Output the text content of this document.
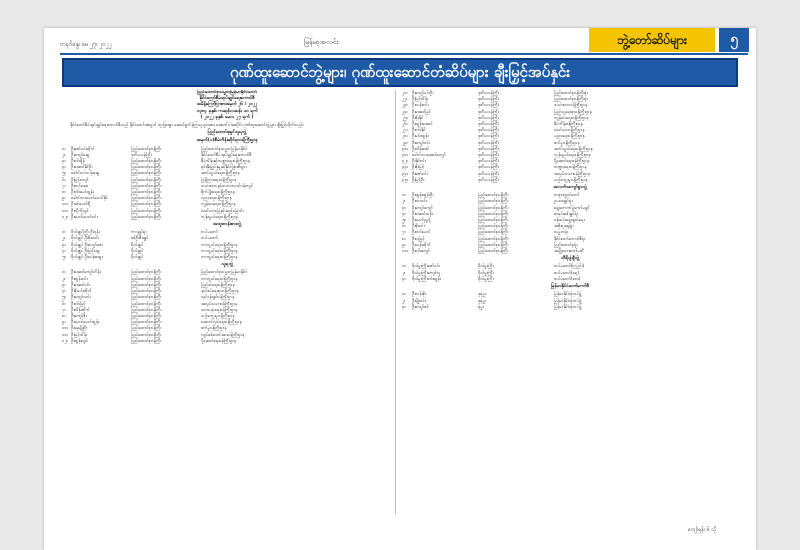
တနင်္ဂနွေ၊ မေ ၂၇၊ ၂၀၂၂	မြန်မာ့အလင်း	ဘွဲ့တော်ဆိပ်များ	၅
ဂုဏ်ထူးဆောင်ဘွဲ့များ၊ ဂုဏ်ထူးဆောင်တံဆိပ်များ ချီးမြှင့်အပ်နှင်း
ပြည်ထောင်စုသမ္မတမြန်မာနိုင်ငံတော်
နိုင်ငံတော်စီမံအုပ်ချုပ်ရေးကောင်စီ
အမိန့်ကြော်ငြာစာအမှတ် ၂၆ / ၂၀၂၂
၁၃၈၄ ခုနှစ်၊ ကဆုန်လဆန်း ၁၀ ရက်
( ၂၀၂၂ ခုနှစ်၊ မေလ ၂၇ ရက် )
နိုင်ငံတော်စီမံအုပ်ချုပ်ရေးကောင်စီသည် နိုင်ငံတော်အတွက် ထူးခြားစွာ ဆောင်ရွက်ခဲ့ကြသူများအား အောက်ပါအတိုင်း ဂုဏ်ထူးဆောင်ဘွဲ့များ ချီးမြှင့်လိုက်သည်။
ပြည်ထောင်စုရှင်သူရဘွဲ့
အမှတ်(၁)စီမံကိန်းဆိုင်ရာဝန်ကြီးဌာန
၁။	ဦးဇော်မင်းထိုက်	ပြည်ထောင်စုဝန်ကြီး	ပြည်ထောင်စုသမ္မတမြန်မာနိုင်ငံ
၂။	ဦးကျော်ဆွေ	ဒုတိယဝန်ကြီး	နိုင်ငံတော်စီမံအုပ်ချုပ်ရေးကောင်စီ
၃။	ဦးဝင်းရှိန်	ပြည်ထောင်စုဝန်ကြီး	စီမံကိန်းနှင့်ဘဏ္ဍာရေးဝန်ကြီးဌာန
၄။	ဦးအောင်နိုင်ဦး	ပြည်ထောင်စုဝန်ကြီး	ရင်းနှီးမြှုပ်နှံမှုနှင့်နိုင်ငံခြားစီးပွား
၅။	ဒေါက်တာသန်းဆွေ	ပြည်ထောင်စုဝန်ကြီး	ဆက်သွယ်ရေးဝန်ကြီးဌာန
၆။	ဦးမြင့်ကျော်	ပြည်ထောင်စုဝန်ကြီး	ပြန်ကြားရေးဝန်ကြီးဌာန
၇။	ဦးတင်အေး	ပြည်ထောင်စုဝန်ကြီး	သယံဇာတနှင့်သဘာဝပတ်ဝန်းကျင်
၈။	ဦးဝင်းမော်ထွန်း	ပြည်ထောင်စုဝန်ကြီး	စိုက်ပျိုးရေးဝန်ကြီးဌာန
၉။	ဒေါက်တာမောင်မောင်နိုင်	ပြည်ထောင်စုဝန်ကြီး	ပညာရေးဝန်ကြီးဌာန
၁၀။ ဦးခင်မောင်ရီ	ပြည်ထောင်စုဝန်ကြီး	ကျန်းမာရေးဝန်ကြီးဌာန
၁၁။ ဦးကိုကိုလွင်	ပြည်ထောင်စုဝန်ကြီး	လယ်ယာမြေနှင့်ဆည်မြောင်း
၁၂။ ဦးမောင်မောင်ဝင်း	ပြည်ထောင်စုဝန်ကြီး	ကုန်သွယ်ရေးဝန်ကြီးဌာန
အထူးတန်းစားဘွဲ့
၁။	ဗိုလ်ချုပ်ကြီး ဦးဖုန်း	ကာချုပ်ရုံး	တပ်မတော်
၂။	ဗိုလ်ချုပ် ဦးစိုးလင်း	စစ်ဦးစီးချုပ်	တပ်မတော်
၃။	ဗိုလ်ချုပ် ဦးကျော်ဇော	ဗိုလ်ချုပ်	ကာကွယ်ရေးဝန်ကြီးဌာန
၄။	ဗိုလ်ချုပ် ဦးမြင့်ဆွေ	ဗိုလ်ချုပ်	ကာကွယ်ရေးဝန်ကြီးဌာန
၅။	ဗိုလ်ချုပ် ဦးသန်းထွေး	ဗိုလ်ချုပ်	ကာကွယ်ရေးဝန်ကြီးဌာန
သူရဘွဲ့
၁။	ဦးအောင်ကျော်ဟိန်း	ပြည်ထောင်စုဝန်ကြီး	ပြည်ထောင်စုသမ္မတမြန်မာနိုင်ငံ
၂။	ဦးထွန်းဝင်း	ပြည်ထောင်စုဝန်ကြီး	ကာကွယ်ရေးဝန်ကြီးဌာန
၃။	ဦးအောင်ဝင်း	ပြည်ထောင်စုဝန်ကြီး	ပြည်ထဲရေးဝန်ကြီးဌာန
၄။	ဦးစိုးမင်းထိုက်	ပြည်ထောင်စုဝန်ကြီး	နယ်စပ်ရေးရာဝန်ကြီးဌာန
၅။	ဦးကျော်လင်း	ပြည်ထောင်စုဝန်ကြီး	လုပ်ငန်းခွင်ဝန်ကြီးဌာန
၆။	ဦးဝင်းမြင့်	ပြည်ထောင်စုဝန်ကြီး	အလုပ်သမားဝန်ကြီးဌာန
၇။	ဦးသိန်းထိုက်	ပြည်ထောင်စုဝန်ကြီး	သာသနာရေးဝန်ကြီးဌာန
၈။	ဦးကျော်စိုး	ပြည်ထောင်စုဝန်ကြီး	ယဉ်ကျေးမှုဝန်ကြီးဌာန
၉။	ဦးမောင်မောင်ထွန်း	ပြည်ထောင်စုဝန်ကြီး	ဆောက်လုပ်ရေးဝန်ကြီးဌာန
၁၀။ ဦးနေမျိုးဦး	ပြည်ထောင်စုဝန်ကြီး	စက်မှုဝန်ကြီးဌာန
၁၁။ ဦးမြင့်သိန်း	ပြည်ထောင်စုဝန်ကြီး	လျှပ်စစ်ဓာတ်အားဝန်ကြီးဌာန
၁၂။ ဦးထွန်းလွင်	ပြည်ထောင်စုဝန်ကြီး	ပို့ဆောင်ရေးဝန်ကြီးဌာန
၂၁။	ဦးကျော်မင်းဦး	ဒုတိယဝန်ကြီး	ပြည်ထောင်စုဝန်ကြီးရုံး
၂၂။	ဦးမြင့်သိန်း	ဒုတိယဝန်ကြီး	ပြည်ထောင်စုဝန်ကြီးရုံး
၂၃။	ဦးသန်းဝင်း	ဒုတိယဝန်ကြီး	သယံဇာတဝန်ကြီးဌာန
၂၄။	ဦးအောင်မြင့်	ဒုတိယဝန်ကြီး	ပြည်သူ့ရေးရာဝန်ကြီးဌာန
၂၅။	ဦးစိုးနိုင်	ဒုတိယဝန်ကြီး	ကျန်းမာရေးဝန်ကြီးဌာန
၂၆။	ဦးထွန်းအောင်	ဒုတိယဝန်ကြီး	စီမံကိန်းဝန်ကြီးဌာန
၂၇။	ဦးဝင်းနိုင်	ဒုတိယဝန်ကြီး	လယ်ယာဝန်ကြီးဌာန
၂၈။	ဦးမင်းထွန်း	ဒုတိယဝန်ကြီး	ပညာရေးဝန်ကြီးဌာန
၂၉။	ဦးကျော်ဝင်း	ဒုတိယဝန်ကြီး	စက်မှုဝန်ကြီးဌာန
၃၀။ ဦးသိန်းဇော်	ဒုတိယဝန်ကြီး	ဆက်သွယ်ရေးဝန်ကြီးဌာန
၃၁။ ဒေါက်တာအောင်ကျော်	ဒုတိယဝန်ကြီး	ကုန်သွယ်ရေးဝန်ကြီးဌာန
၃၂။	ဦးနိုင်ဝင်း	ဒုတိယဝန်ကြီး	ပို့ဆောင်ရေးဝန်ကြီးဌာန
၃၃။ ဦးစိုးမြင့်	ဒုတိယဝန်ကြီး	ဘဏ္ဍာရေးဝန်ကြီးဌာန
၃၄။ ဦးဇော်ဝင်း	ဒုတိယဝန်ကြီး	အလုပ်သမားဝန်ကြီးဌာန
၃၅။ ဦးမြင့်ဦး	ဒုတိယဝန်ကြီး	ယဉ်ကျေးမှုဝန်ကြီးဌာန
အလင်္ကာကျော်စွာဘွဲ့
၁။	ဦးထွန်းထွန်းဦး	ပြည်ထောင်စုဝန်ကြီး	တရားလွှတ်တော်
၂။	ဦးသာဝင်း	ပြည်ထောင်စုဝန်ကြီး	ဥပဒေချုပ်ရုံး
၃။	ဦးကျော်ကျော်	ပြည်ထောင်စုဝန်ကြီး	ရွေးကောက်ပွဲကော်မရှင်
၄။	ဦးအောင်သန်း	ပြည်ထောင်စုဝန်ကြီး	စာရင်းစစ်ချုပ်ရုံး
၅။	ဦးမောင်ညွန့်	ပြည်ထောင်စုဝန်ကြီး	ဝန်ထမ်းရွေးချယ်ရေး
၆။	ဦးစိုးဝင်း	ပြည်ထောင်စုဝန်ကြီး	အစိုးရအဖွဲ့ရုံး
၇။	ဦးတင်မောင်	ပြည်ထောင်စုဝန်ကြီး	သမ္မတရုံး
၈။	ဦးလှမြင့်	ပြည်ထောင်စုဝန်ကြီး	နိုင်ငံတော်ကောင်စီရုံး
၉။	ဦးသန်းထိုက်	ပြည်ထောင်စုဝန်ကြီး	ပြည်ထောင်စုရုံး
၁၀။ ဦးဝင်းကျော်	ပြည်ထောင်စုဝန်ကြီး	အမျိုးသားကော်မတီ
သီရိပျံချီဘွဲ့
၁။	ဗိုလ်မှူးကြီးဇော်မင်း	ဗိုလ်မှူးကြီး	တပ်မတော်(ကြည်း)
၂။	ဗိုလ်မှူးကြီးကျော်သူ	ဗိုလ်မှူးကြီး	တပ်မတော်(ရေ)
၃။	ဗိုလ်မှူးကြီးဝင်းထွန်း	ဗိုလ်မှူးကြီး	တပ်မတော်(လေ)
မြန်မာနိုင်ငံတော်ကော်ဖီ
၁။	ဦးသန်းစိုး	ဒုရဲမှူး	မြန်မာနိုင်ငံရဲတပ်ဖွဲ့
၂။	ဦးမျိုးဝင်း	ဒုရဲမှူး	မြန်မာနိုင်ငံရဲတပ်ဖွဲ့
၃။	ဦးကျော်ဇင်	ရဲမှူး	မြန်မာနိုင်ငံရဲတပ်ဖွဲ့
ကျော်ရန်း ၆ သို့
